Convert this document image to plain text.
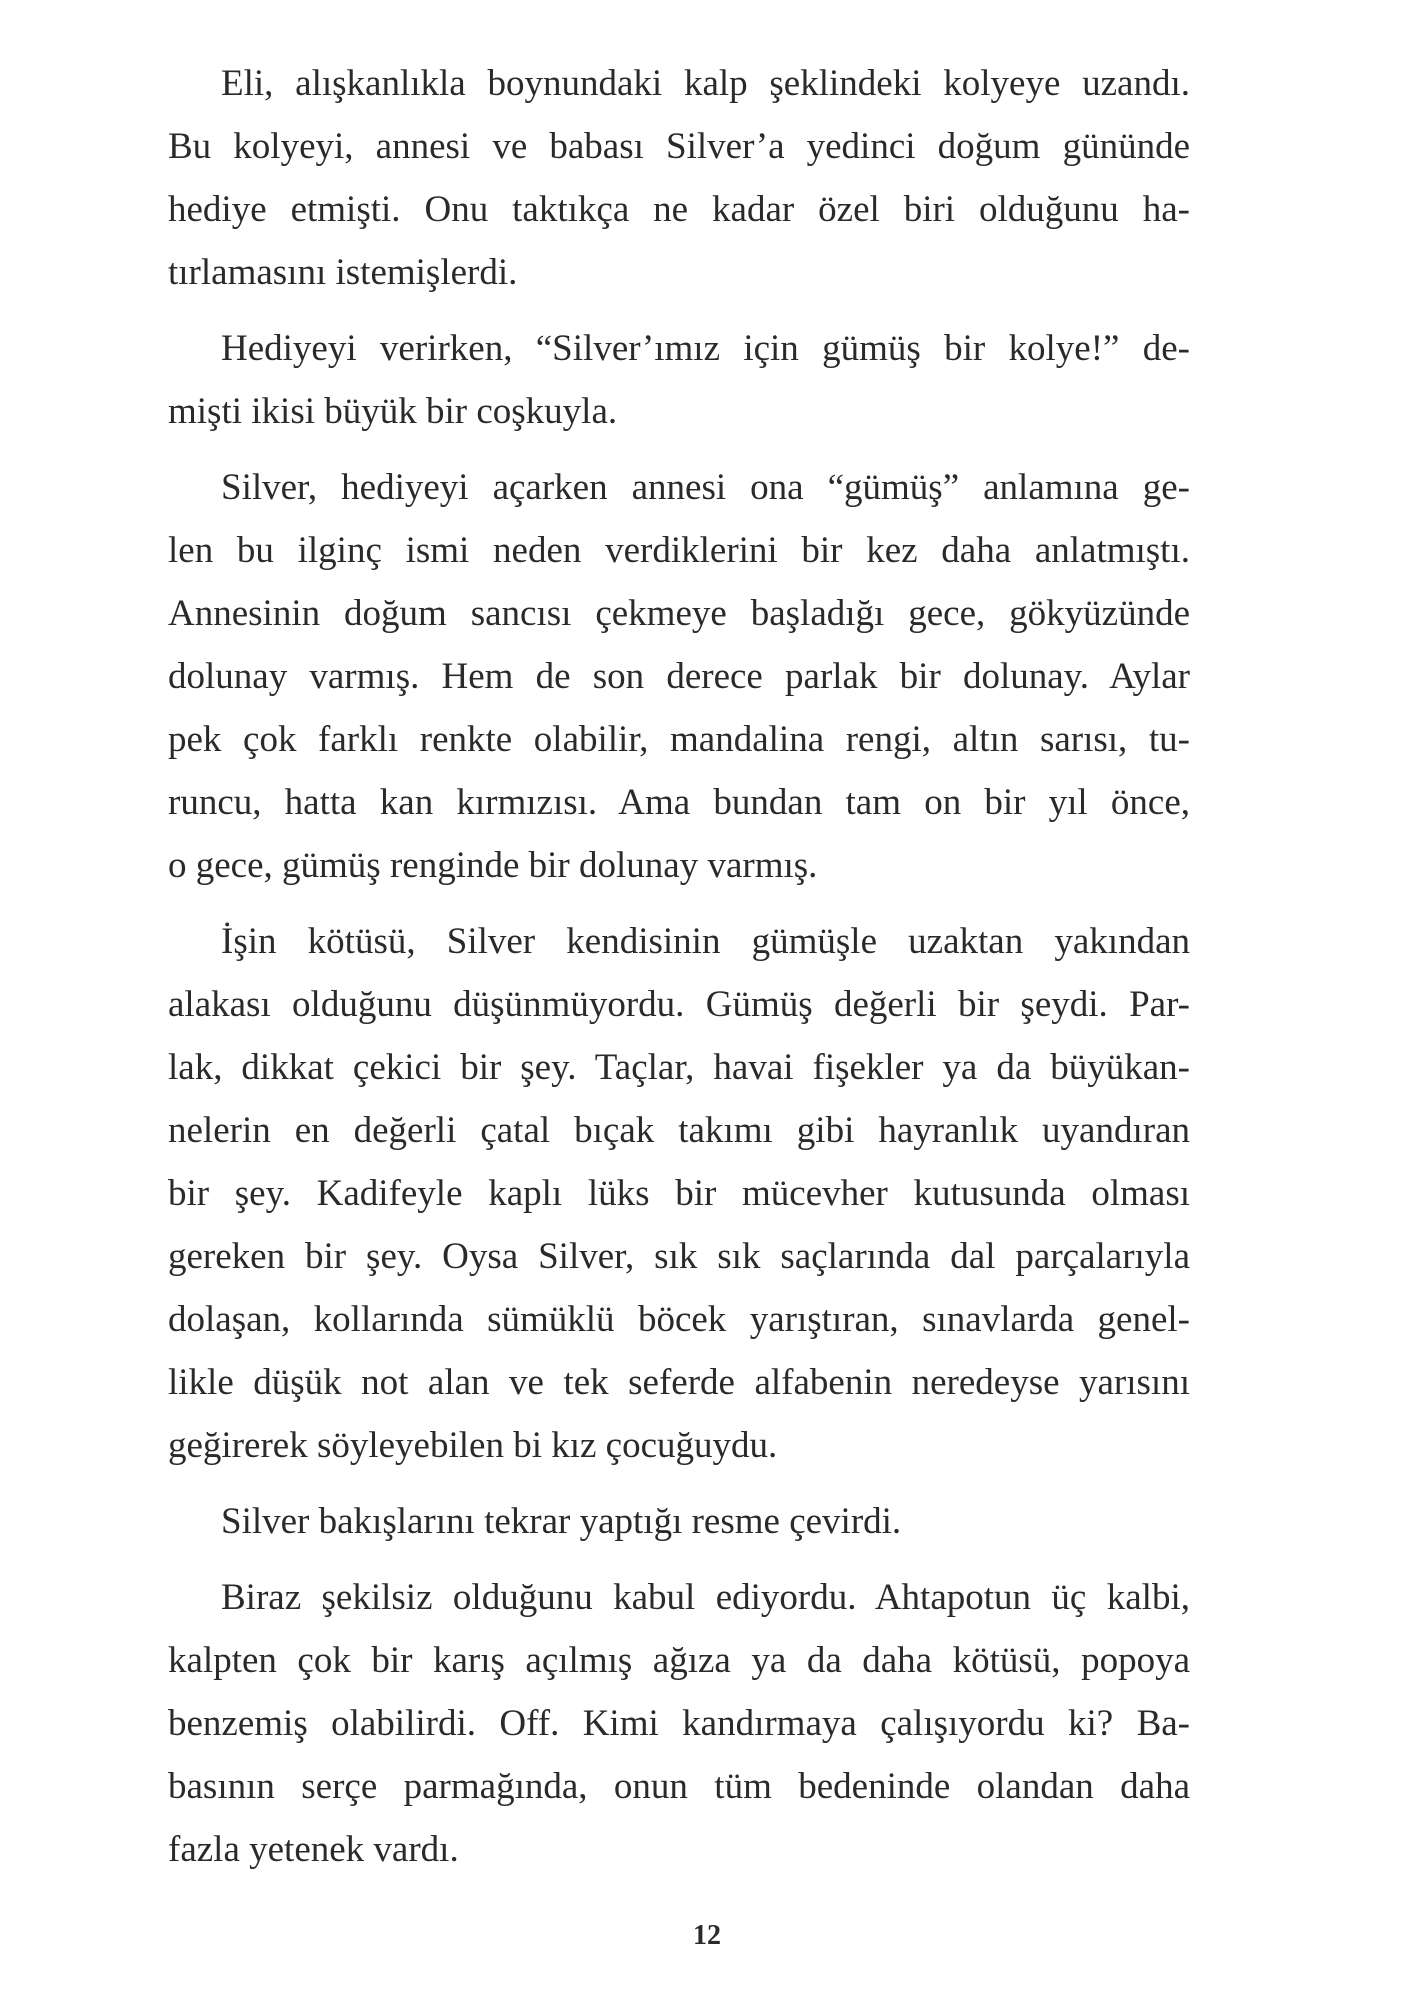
Eli, alışkanlıkla boynundaki kalp şeklindeki kolyeye uzandı.
Bu kolyeyi, annesi ve babası Silver’a yedinci doğum gününde
hediye etmişti. Onu taktıkça ne kadar özel biri olduğunu ha-
tırlamasını istemişlerdi.
Hediyeyi verirken, “Silver’ımız için gümüş bir kolye!” de-
mişti ikisi büyük bir coşkuyla.
Silver, hediyeyi açarken annesi ona “gümüş” anlamına ge-
len bu ilginç ismi neden verdiklerini bir kez daha anlatmıştı.
Annesinin doğum sancısı çekmeye başladığı gece, gökyüzünde
dolunay varmış. Hem de son derece parlak bir dolunay. Aylar
pek çok farklı renkte olabilir, mandalina rengi, altın sarısı, tu-
runcu, hatta kan kırmızısı. Ama bundan tam on bir yıl önce,
o gece, gümüş renginde bir dolunay varmış.
İşin kötüsü, Silver kendisinin gümüşle uzaktan yakından
alakası olduğunu düşünmüyordu. Gümüş değerli bir şeydi. Par-
lak, dikkat çekici bir şey. Taçlar, havai fişekler ya da büyükan-
nelerin en değerli çatal bıçak takımı gibi hayranlık uyandıran
bir şey. Kadifeyle kaplı lüks bir mücevher kutusunda olması
gereken bir şey. Oysa Silver, sık sık saçlarında dal parçalarıyla
dolaşan, kollarında sümüklü böcek yarıştıran, sınavlarda genel-
likle düşük not alan ve tek seferde alfabenin neredeyse yarısını
geğirerek söyleyebilen bi kız çocuğuydu.
Silver bakışlarını tekrar yaptığı resme çevirdi.
Biraz şekilsiz olduğunu kabul ediyordu. Ahtapotun üç kalbi,
kalpten çok bir karış açılmış ağıza ya da daha kötüsü, popoya
benzemiş olabilirdi. Off. Kimi kandırmaya çalışıyordu ki? Ba-
basının serçe parmağında, onun tüm bedeninde olandan daha
fazla yetenek vardı.
12
